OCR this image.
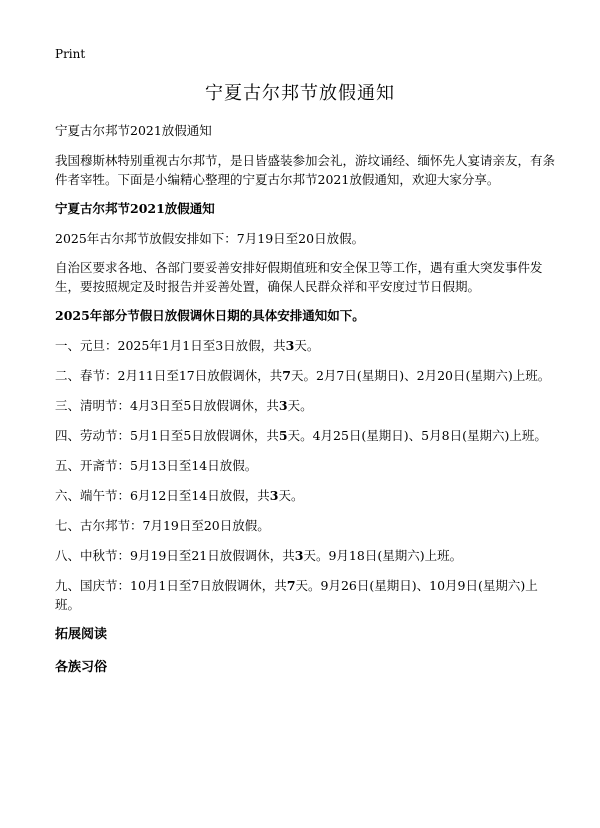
Print
宁夏古尔邦节放假通知

宁夏古尔邦节2021放假通知

我国穆斯林特别重视古尔邦节，是日皆盛装参加会礼，游坟诵经、缅怀先人宴请亲友，有条件者宰牲。下面是小编精心整理的宁夏古尔邦节2021放假通知，欢迎大家分享。

宁夏古尔邦节2021放假通知

2025年古尔邦节放假安排如下：7月19日至20日放假。

自治区要求各地、各部门要妥善安排好假期值班和安全保卫等工作，遇有重大突发事件发生，要按照规定及时报告并妥善处置，确保人民群众祥和平安度过节日假期。

2025年部分节假日放假调休日期的具体安排通知如下。

一、元旦：2025年1月1日至3日放假，共3天。

二、春节：2月11日至17日放假调休，共7天。2月7日(星期日)、2月20日(星期六)上班。

三、清明节：4月3日至5日放假调休，共3天。

四、劳动节：5月1日至5日放假调休，共5天。4月25日(星期日)、5月8日(星期六)上班。

五、开斋节：5月13日至14日放假。

六、端午节：6月12日至14日放假，共3天。

七、古尔邦节：7月19日至20日放假。

八、中秋节：9月19日至21日放假调休，共3天。9月18日(星期六)上班。

九、国庆节：10月1日至7日放假调休，共7天。9月26日(星期日)、10月9日(星期六)上班。

拓展阅读

各族习俗
